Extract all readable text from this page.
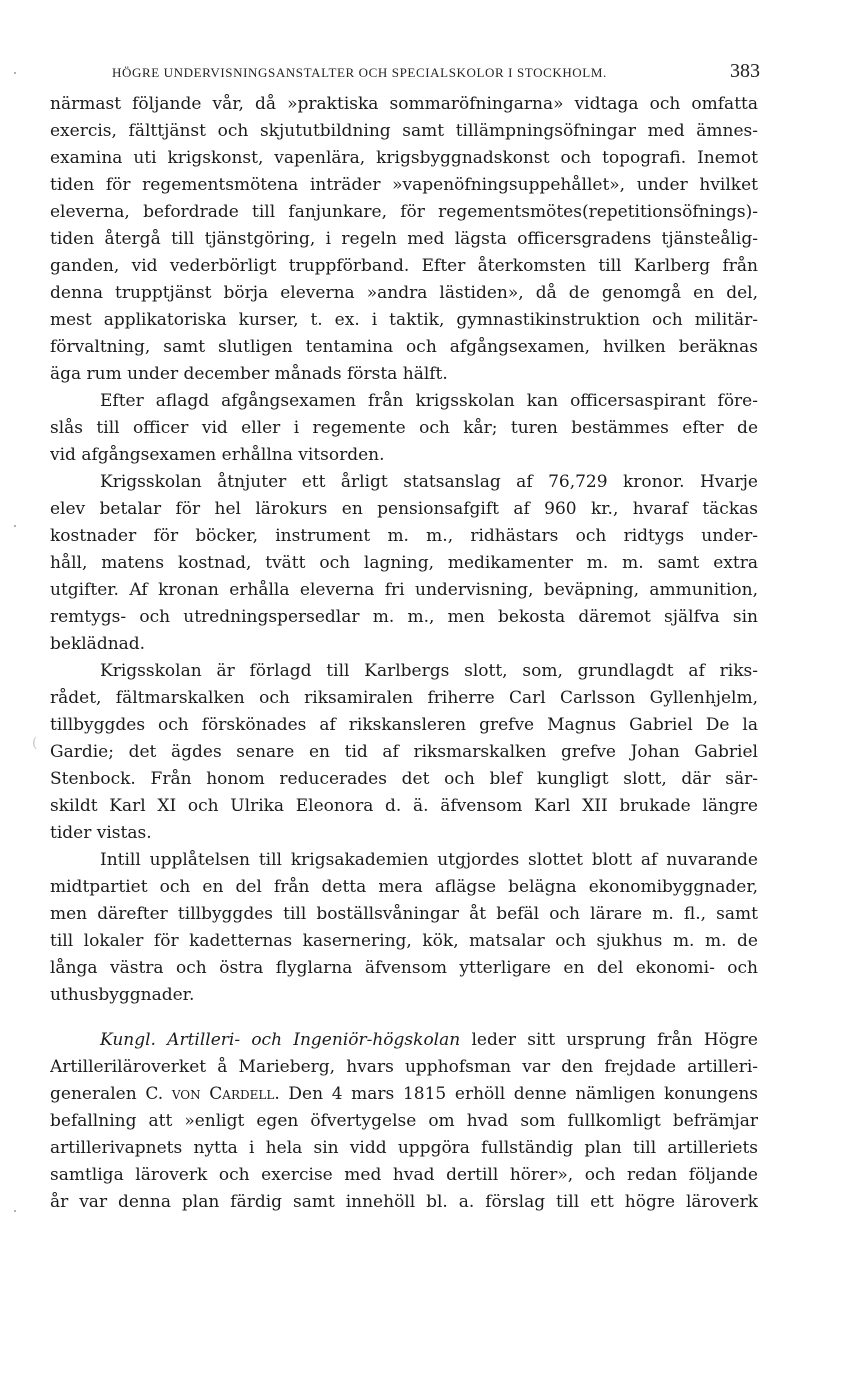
HÖGRE UNDERVISNINGSANSTALTER OCH SPECIALSKOLOR I STOCKHOLM.	383
(
närmast följande vår, då »praktiska sommaröfningarna» vidtaga och omfatta
exercis, fälttjänst och skjututbildning samt tillämpningsöfningar med ämnes-
examina uti krigskonst, vapenlära, krigsbyggnadskonst och topografi. Inemot
tiden för regementsmötena inträder »vapenöfningsuppehållet», under hvilket
eleverna, befordrade till fanjunkare, för regementsmötes(repetitionsöfnings)-
tiden återgå till tjänstgöring, i regeln med lägsta officersgradens tjänsteålig-
ganden, vid vederbörligt truppförband. Efter återkomsten till Karlberg från
denna trupptjänst börja eleverna »andra lästiden», då de genomgå en del,
mest applikatoriska kurser, t. ex. i taktik, gymnastikinstruktion och militär-
förvaltning, samt slutligen tentamina och afgångsexamen, hvilken beräknas
äga rum under december månads första hälft.
Efter aflagd afgångsexamen från krigsskolan kan officersaspirant före-
slås till officer vid eller i regemente och kår; turen bestämmes efter de
vid afgångsexamen erhållna vitsorden.
Krigsskolan åtnjuter ett årligt statsanslag af 76,729 kronor. Hvarje
elev betalar för hel lärokurs en pensionsafgift af 960 kr., hvaraf täckas
kostnader för böcker, instrument m. m., ridhästars och ridtygs under-
håll, matens kostnad, tvätt och lagning, medikamenter m. m. samt extra
utgifter. Af kronan erhålla eleverna fri undervisning, beväpning, ammunition,
remtygs- och utredningspersedlar m. m., men bekosta däremot själfva sin
beklädnad.
Krigsskolan är förlagd till Karlbergs slott, som, grundlagdt af riks-
rådet, fältmarskalken och riksamiralen friherre Carl Carlsson Gyllenhjelm,
tillbyggdes och förskönades af rikskansleren grefve Magnus Gabriel De la
Gardie; det ägdes senare en tid af riksmarskalken grefve Johan Gabriel
Stenbock. Från honom reducerades det och blef kungligt slott, där sär-
skildt Karl XI och Ulrika Eleonora d. ä. äfvensom Karl XII brukade längre
tider vistas.
Intill upplåtelsen till krigsakademien utgjordes slottet blott af nuvarande
midtpartiet och en del från detta mera aflägse belägna ekonomibyggnader,
men därefter tillbyggdes till boställsvåningar åt befäl och lärare m. fl., samt
till lokaler för kadetternas kasernering, kök, matsalar och sjukhus m. m. de
långa västra och östra flyglarna äfvensom ytterligare en del ekonomi- och
uthusbyggnader.
Kungl. Artilleri- och Ingeniör-högskolan leder sitt ursprung från Högre
Artilleriläroverket å Marieberg, hvars upphofsman var den frejdade artilleri-
generalen C. von Cardell. Den 4 mars 1815 erhöll denne nämligen konungens
befallning att »enligt egen öfvertygelse om hvad som fullkomligt befrämjar
artillerivapnets nytta i hela sin vidd uppgöra fullständig plan till artilleriets
samtliga läroverk och exercise med hvad dertill hörer», och redan följande
år var denna plan färdig samt innehöll bl. a. förslag till ett högre läroverk
